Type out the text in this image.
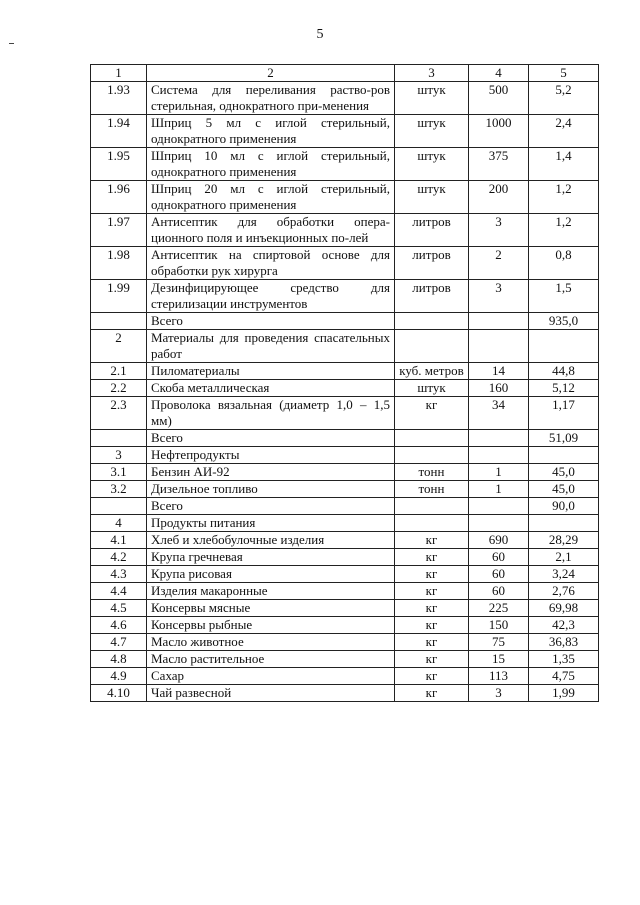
5
1	2	3	4	5
1.93	Система для переливания раство-ров стерильная, однократного при-менения	штук	500	5,2
1.94	Шприц 5 мл с иглой стерильный, однократного применения	штук	1000	2,4
1.95	Шприц 10 мл с иглой стерильный, однократного применения	штук	375	1,4
1.96	Шприц 20 мл с иглой стерильный, однократного применения	штук	200	1,2
1.97	Антисептик для обработки опера-ционного поля и инъекционных по-лей	литров	3	1,2
1.98	Антисептик на спиртовой основе для обработки рук хирурга	литров	2	0,8
1.99	Дезинфицирующее средство для стерилизации инструментов	литров	3	1,5
	Всего			935,0
2	Материалы для проведения спасательных работ			
2.1	Пиломатериалы	куб. метров	14	44,8
2.2	Скоба металлическая	штук	160	5,12
2.3	Проволока вязальная (диаметр 1,0 – 1,5 мм)	кг	34	1,17
	Всего			51,09
3	Нефтепродукты			
3.1	Бензин АИ-92	тонн	1	45,0
3.2	Дизельное топливо	тонн	1	45,0
	Всего			90,0
4	Продукты питания			
4.1	Хлеб и хлебобулочные изделия	кг	690	28,29
4.2	Крупа гречневая	кг	60	2,1
4.3	Крупа рисовая	кг	60	3,24
4.4	Изделия макаронные	кг	60	2,76
4.5	Консервы мясные	кг	225	69,98
4.6	Консервы рыбные	кг	150	42,3
4.7	Масло животное	кг	75	36,83
4.8	Масло растительное	кг	15	1,35
4.9	Сахар	кг	113	4,75
4.10	Чай развесной	кг	3	1,99
